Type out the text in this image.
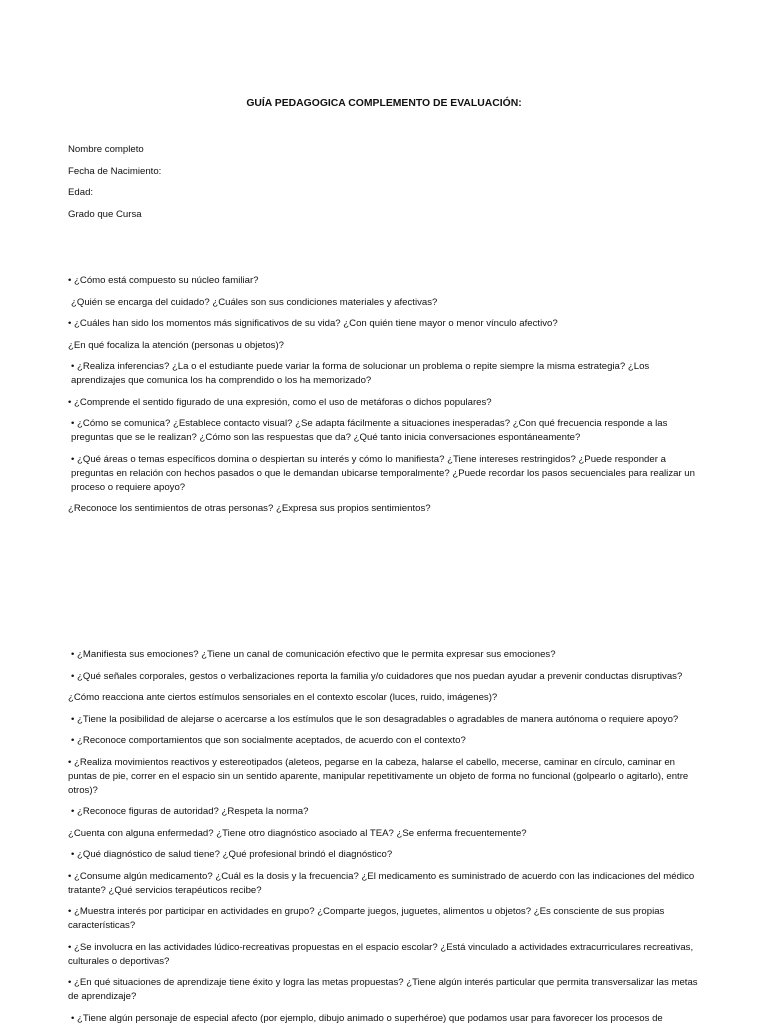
GUÍA PEDAGOGICA COMPLEMENTO DE EVALUACIÓN:
Nombre completo
Fecha de Nacimiento:
Edad:
Grado que Cursa

• ¿Cómo está compuesto su núcleo familiar?

¿Quién se encarga del cuidado? ¿Cuáles son sus condiciones materiales y afectivas?

• ¿Cuáles han sido los momentos más significativos de su vida? ¿Con quién tiene mayor o menor vínculo afectivo?

¿En qué focaliza la atención (personas u objetos)?

• ¿Realiza inferencias? ¿La o el estudiante puede variar la forma de solucionar un problema o repite siempre la misma estrategia? ¿Los aprendizajes que comunica los ha comprendido o los ha memorizado?

• ¿Comprende el sentido figurado de una expresión, como el uso de metáforas o dichos populares?

• ¿Cómo se comunica? ¿Establece contacto visual? ¿Se adapta fácilmente a situaciones inesperadas? ¿Con qué frecuencia responde a las preguntas que se le realizan? ¿Cómo son las respuestas que da? ¿Qué tanto inicia conversaciones espontáneamente?

• ¿Qué áreas o temas específicos domina o despiertan su interés y cómo lo manifiesta? ¿Tiene intereses restringidos? ¿Puede responder a preguntas en relación con hechos pasados o que le demandan ubicarse temporalmente? ¿Puede recordar los pasos secuenciales para realizar un proceso o requiere apoyo?

¿Reconoce los sentimientos de otras personas? ¿Expresa sus propios sentimientos?

• ¿Manifiesta sus emociones? ¿Tiene un canal de comunicación efectivo que le permita expresar sus emociones?

• ¿Qué señales corporales, gestos o verbalizaciones reporta la familia y/o cuidadores que nos puedan ayudar a prevenir conductas disruptivas?

¿Cómo reacciona ante ciertos estímulos sensoriales en el contexto escolar (luces, ruido, imágenes)?

• ¿Tiene la posibilidad de alejarse o acercarse a los estímulos que le son desagradables o agradables de manera autónoma o requiere apoyo?

• ¿Reconoce comportamientos que son socialmente aceptados, de acuerdo con el contexto?

• ¿Realiza movimientos reactivos y estereotipados (aleteos, pegarse en la cabeza, halarse el cabello, mecerse, caminar en círculo, caminar en puntas de pie, correr en el espacio sin un sentido aparente, manipular repetitivamente un objeto de forma no funcional (golpearlo o agitarlo), entre otros)?

• ¿Reconoce figuras de autoridad? ¿Respeta la norma?

¿Cuenta con alguna enfermedad? ¿Tiene otro diagnóstico asociado al TEA? ¿Se enferma frecuentemente?

• ¿Qué diagnóstico de salud tiene? ¿Qué profesional brindó el diagnóstico?

• ¿Consume algún medicamento? ¿Cuál es la dosis y la frecuencia? ¿El medicamento es suministrado de acuerdo con las indicaciones del médico tratante? ¿Qué servicios terapéuticos recibe?

• ¿Muestra interés por participar en actividades en grupo? ¿Comparte juegos, juguetes, alimentos u objetos? ¿Es consciente de sus propias características?

• ¿Se involucra en las actividades lúdico-recreativas propuestas en el espacio escolar? ¿Está vinculado a actividades extracurriculares recreativas, culturales o deportivas?

• ¿En qué situaciones de aprendizaje tiene éxito y logra las metas propuestas? ¿Tiene algún interés particular que permita transversalizar las metas de aprendizaje?

• ¿Tiene algún personaje de especial afecto (por ejemplo, dibujo animado o superhéroe) que podamos usar para favorecer los procesos de
